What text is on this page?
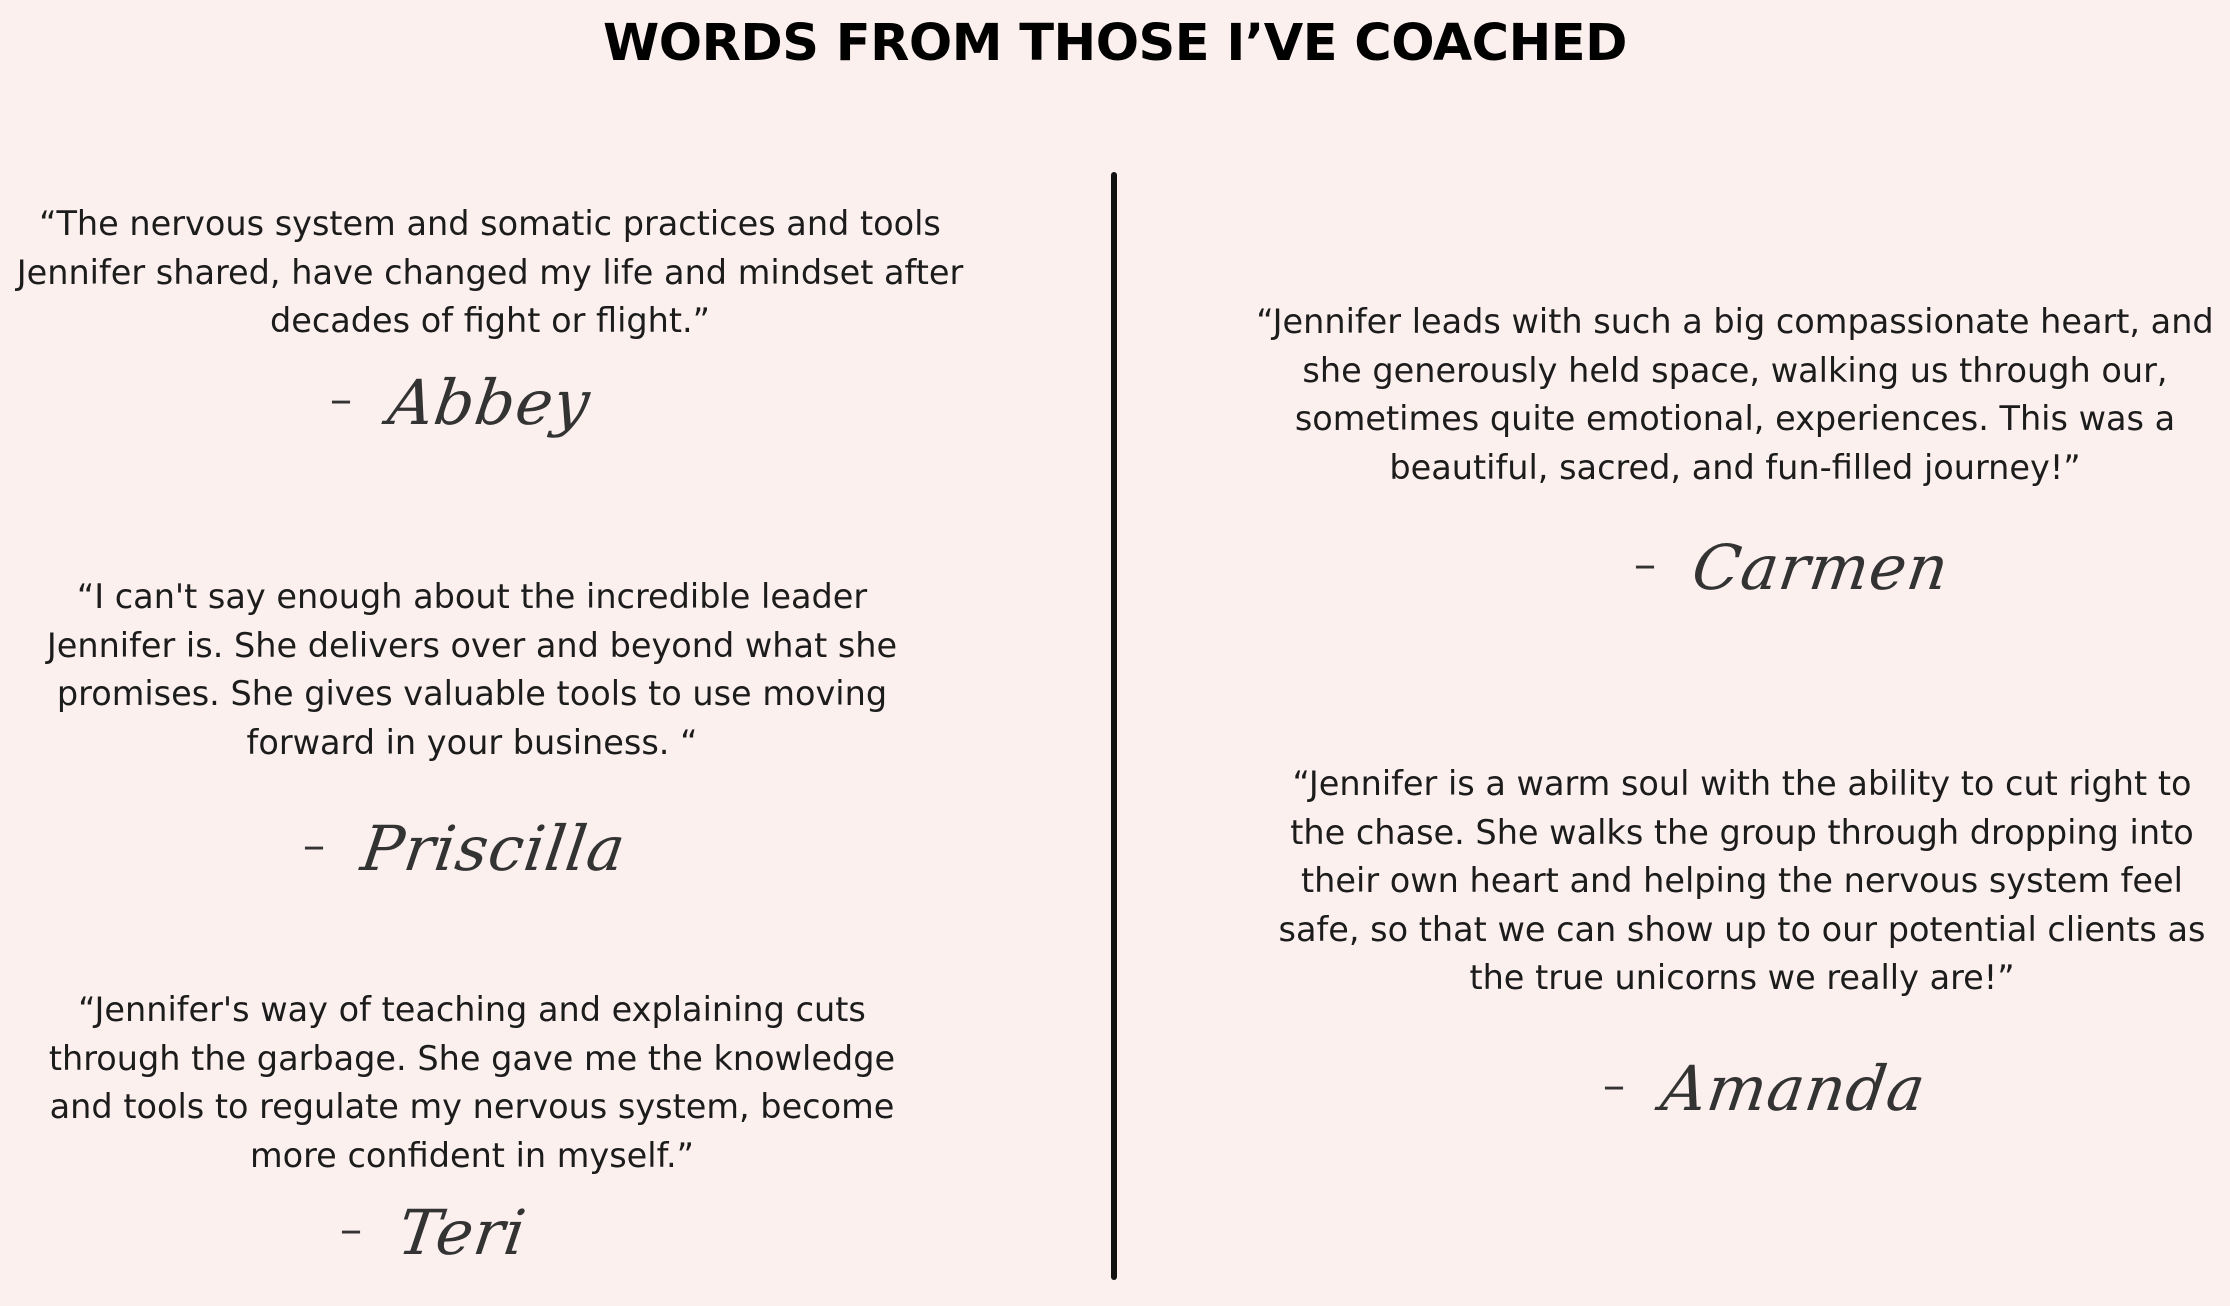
WORDS FROM THOSE I’VE COACHED

“The nervous system and somatic practices and tools Jennifer shared, have changed my life and mindset after decades of fight or flight.”

– Abbey

“I can't say enough about the incredible leader Jennifer is. She delivers over and beyond what she promises. She gives valuable tools to use moving forward in your business. “

– Priscilla

“Jennifer's way of teaching and explaining cuts through the garbage. She gave me the knowledge and tools to regulate my nervous system, become more confident in myself.”

– Teri

“Jennifer leads with such a big compassionate heart, and she generously held space, walking us through our, sometimes quite emotional, experiences. This was a beautiful, sacred, and fun-filled journey!”

– Carmen

“Jennifer is a warm soul with the ability to cut right to the chase. She walks the group through dropping into their own heart and helping the nervous system feel safe, so that we can show up to our potential clients as the true unicorns we really are!”

– Amanda
